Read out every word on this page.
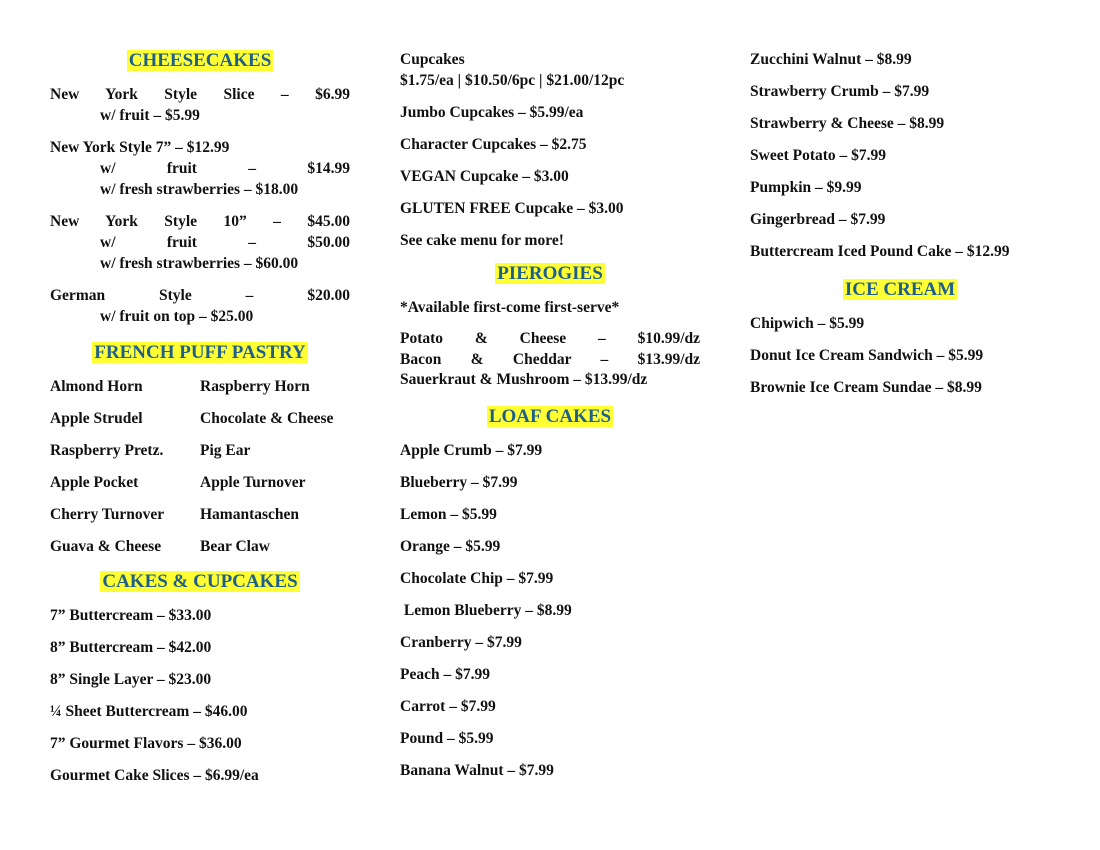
CHEESECAKES
New York Style Slice – $6.99
w/ fruit – $5.99
New York Style 7” – $12.99
w/ fruit – $14.99
w/ fresh strawberries – $18.00
New York Style 10” – $45.00
w/ fruit – $50.00
w/ fresh strawberries – $60.00
German Style – $20.00
w/ fruit on top – $25.00
FRENCH PUFF PASTRY
Almond Horn	Raspberry Horn
Apple Strudel	Chocolate & Cheese
Raspberry Pretz.	Pig Ear
Apple Pocket	Apple Turnover
Cherry Turnover	Hamantaschen
Guava & Cheese	Bear Claw
CAKES & CUPCAKES
7” Buttercream – $33.00
8” Buttercream – $42.00
8” Single Layer – $23.00
¼ Sheet Buttercream – $46.00
7” Gourmet Flavors – $36.00
Gourmet Cake Slices – $6.99/ea
Cupcakes
$1.75/ea | $10.50/6pc | $21.00/12pc
Jumbo Cupcakes – $5.99/ea
Character Cupcakes – $2.75
VEGAN Cupcake – $3.00
GLUTEN FREE Cupcake – $3.00
See cake menu for more!
PIEROGIES
*Available first-come first-serve*
Potato & Cheese – $10.99/dz
Bacon & Cheddar – $13.99/dz
Sauerkraut & Mushroom – $13.99/dz
LOAF CAKES
Apple Crumb – $7.99
Blueberry – $7.99
Lemon – $5.99
Orange – $5.99
Chocolate Chip – $7.99
Lemon Blueberry – $8.99
Cranberry – $7.99
Peach – $7.99
Carrot – $7.99
Pound – $5.99
Banana Walnut – $7.99
Zucchini Walnut – $8.99
Strawberry Crumb – $7.99
Strawberry & Cheese – $8.99
Sweet Potato – $7.99
Pumpkin – $9.99
Gingerbread – $7.99
Buttercream Iced Pound Cake – $12.99
ICE CREAM
Chipwich – $5.99
Donut Ice Cream Sandwich – $5.99
Brownie Ice Cream Sundae – $8.99
